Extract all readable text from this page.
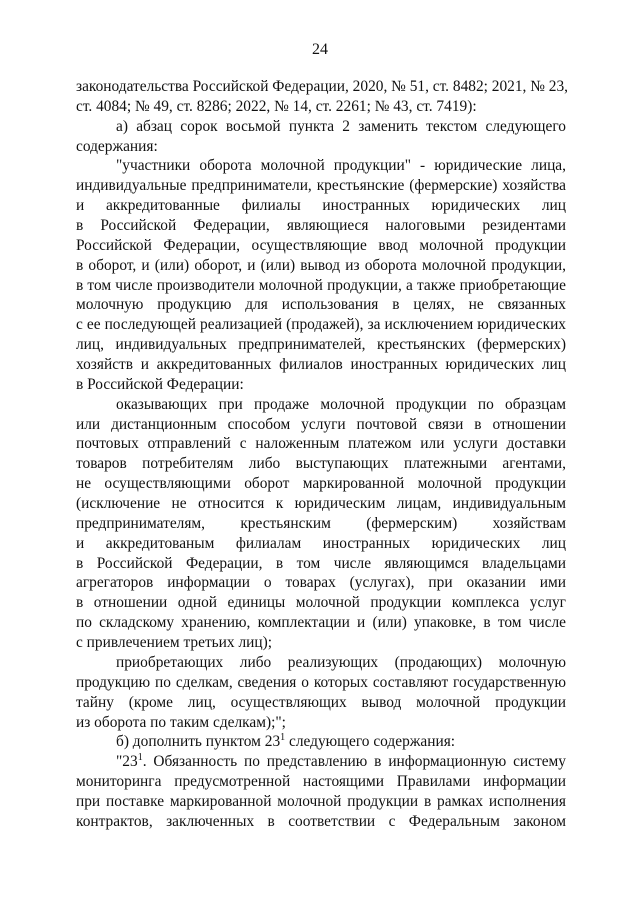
24
законодательства Российской Федерации, 2020, № 51, ст. 8482; 2021, № 23,
ст. 4084; № 49, ст. 8286; 2022, № 14, ст. 2261; № 43, ст. 7419):
а) абзац сорок восьмой пункта 2 заменить текстом следующего
содержания:
"участники оборота молочной продукции" - юридические лица,
индивидуальные предприниматели, крестьянские (фермерские) хозяйства
и аккредитованные филиалы иностранных юридических лиц
в Российской Федерации, являющиеся налоговыми резидентами
Российской Федерации, осуществляющие ввод молочной продукции
в оборот, и (или) оборот, и (или) вывод из оборота молочной продукции,
в том числе производители молочной продукции, а также приобретающие
молочную продукцию для использования в целях, не связанных
с ее последующей реализацией (продажей), за исключением юридических
лиц, индивидуальных предпринимателей, крестьянских (фермерских)
хозяйств и аккредитованных филиалов иностранных юридических лиц
в Российской Федерации:
оказывающих при продаже молочной продукции по образцам
или дистанционным способом услуги почтовой связи в отношении
почтовых отправлений с наложенным платежом или услуги доставки
товаров потребителям либо выступающих платежными агентами,
не осуществляющими оборот маркированной молочной продукции
(исключение не относится к юридическим лицам, индивидуальным
предпринимателям, крестьянским (фермерским) хозяйствам
и аккредитованым филиалам иностранных юридических лиц
в Российской Федерации, в том числе являющимся владельцами
агрегаторов информации о товарах (услугах), при оказании ими
в отношении одной единицы молочной продукции комплекса услуг
по складскому хранению, комплектации и (или) упаковке, в том числе
с привлечением третьих лиц);
приобретающих либо реализующих (продающих) молочную
продукцию по сделкам, сведения о которых составляют государственную
тайну (кроме лиц, осуществляющих вывод молочной продукции
из оборота по таким сделкам);";
б) дополнить пунктом $23^1$ следующего содержания:
"$23^1$. Обязанность по представлению в информационную систему
мониторинга предусмотренной настоящими Правилами информации
при поставке маркированной молочной продукции в рамках исполнения
контрактов, заключенных в соответствии с Федеральным законом
